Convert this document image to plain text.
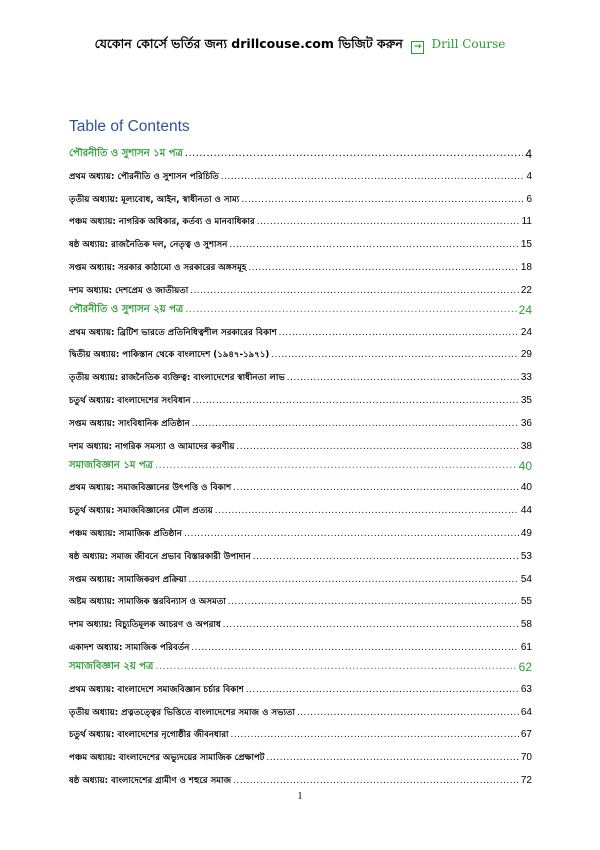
যেকোন কোর্সে ভর্তির জন্য drillcouse.com ভিজিট করুন → Drill Course
Table of Contents
পৌরনীতি ও সুশাসন ১ম পত্র .....	4
প্রথম অধ্যায়: পৌরনীতি ও সুশাসন পরিচিতি .....	4
তৃতীয় অধ্যায়: মূল্যবোধ, আইন, স্বাধীনতা ও সাম্য .....	6
পঞ্চম অধ্যায়: নাগরিক অধিকার, কর্তব্য ও মানবাধিকার .....	11
ষষ্ঠ অধ্যায়: রাজনৈতিক দল, নেতৃত্ব ও সুশাসন .....	15
সপ্তম অধ্যায়: সরকার কাঠামো ও সরকারের অঙ্গসমূহ .....	18
দশম অধ্যায়: দেশপ্রেম ও জাতীয়তা .....	22
পৌরনীতি ও সুশাসন ২য় পত্র .....	24
প্রথম অধ্যায়: ব্রিটিশ ভারতে প্রতিনিধিত্বশীল সরকারের বিকাশ .....	24
দ্বিতীয় অধ্যায়: পাকিস্তান থেকে বাংলাদেশ (১৯৪৭-১৯৭১) .....	29
তৃতীয় অধ্যায়: রাজনৈতিক ব্যক্তিত্ব: বাংলাদেশের স্বাধীনতা লাভ .....	33
চতুর্থ অধ্যায়: বাংলাদেশের সংবিধান .....	35
সপ্তম অধ্যায়: সাংবিধানিক প্রতিষ্ঠান .....	36
দশম অধ্যায়: নাগরিক সমস্যা ও আমাদের করণীয় .....	38
সমাজবিজ্ঞান ১ম পত্র .....	40
প্রথম অধ্যায়: সমাজবিজ্ঞানের উৎপত্তি ও বিকাশ .....	40
চতুর্থ অধ্যায়: সমাজবিজ্ঞানের মৌল প্রত্যয় .....	44
পঞ্চম অধ্যায়: সামাজিক প্রতিষ্ঠান .....	49
ষষ্ঠ অধ্যায়: সমাজ জীবনে প্রভাব বিস্তারকারী উপাদান .....	53
সপ্তম অধ্যায়: সামাজিকরণ প্রক্রিয়া .....	54
অষ্টম অধ্যায়: সামাজিক স্তরবিন্যাস ও অসমতা .....	55
দশম অধ্যায়: বিচ্যুতিমূলক আচরণ ও অপরাধ .....	58
একাদশ অধ্যায়: সামাজিক পরিবর্তন .....	61
সমাজবিজ্ঞান ২য় পত্র .....	62
প্রথম অধ্যায়: বাংলাদেশে সমাজবিজ্ঞান চর্চার বিকাশ .....	63
তৃতীয় অধ্যায়: প্রত্নতত্ত্বের ভিত্তিতে বাংলাদেশের সমাজ ও সভ্যতা .....	64
চতুর্থ অধ্যায়: বাংলাদেশের নৃগোষ্ঠীর জীবনধারা .....	67
পঞ্চম অধ্যায়: বাংলাদেশের অভ্যুদয়ের সামাজিক প্রেক্ষাপট .....	70
ষষ্ঠ অধ্যায়: বাংলাদেশের গ্রামীণ ও শহুরে সমাজ .....	72
1
